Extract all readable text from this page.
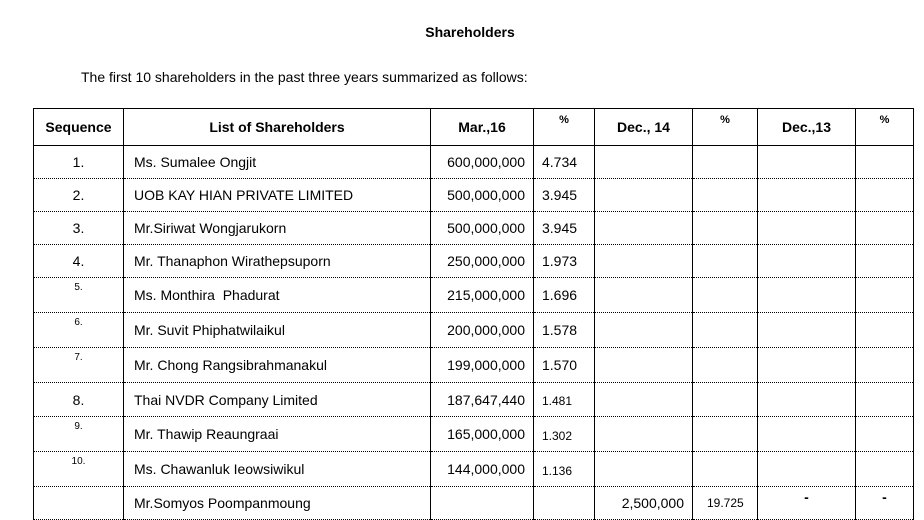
Shareholders
The first 10 shareholders in the past three years summarized as follows:
Sequence	List of Shareholders	Mar.,16	%	Dec., 14	%	Dec.,13	%
1.	Ms. Sumalee Ongjit	600,000,000	4.734				
2.	UOB KAY HIAN PRIVATE LIMITED	500,000,000	3.945				
3.	Mr.Siriwat Wongjarukorn	500,000,000	3.945				
4.	Mr. Thanaphon Wirathepsuporn	250,000,000	1.973				
5.	Ms. Monthira  Phadurat	215,000,000	1.696				
6.	Mr. Suvit Phiphatwilaikul	200,000,000	1.578				
7.	Mr. Chong Rangsibrahmanakul	199,000,000	1.570				
8.	Thai NVDR Company Limited	187,647,440	1.481				
9.	Mr. Thawip Reaungraai	165,000,000	1.302				
10.	Ms. Chawanluk Ieowsiwikul	144,000,000	1.136				
	Mr.Somyos Poompanmoung			2,500,000	19.725	-	-
